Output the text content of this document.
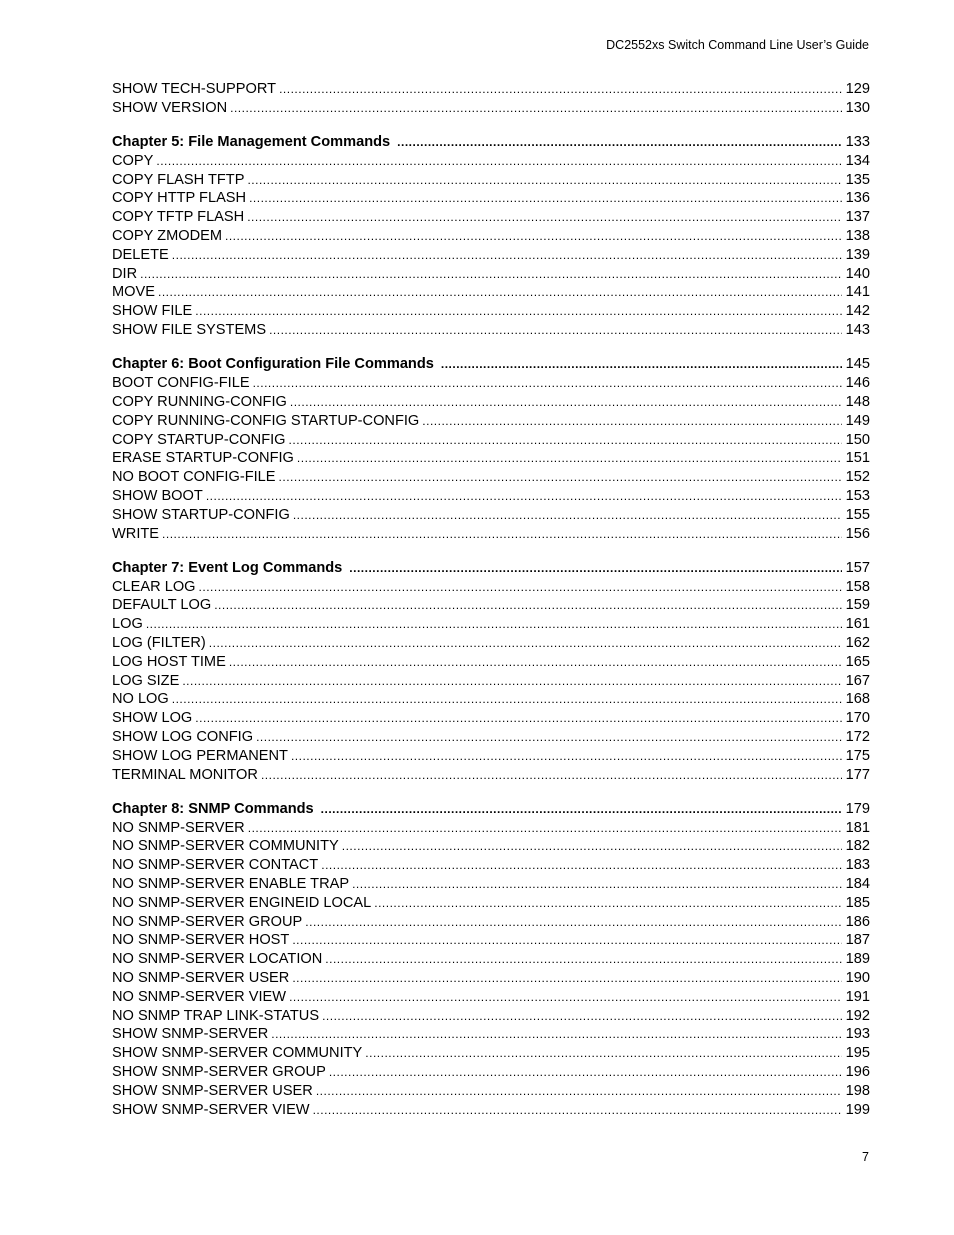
DC2552xs Switch Command Line User’s Guide
SHOW TECH-SUPPORT .....	129
SHOW VERSION .....	130
Chapter 5: File Management Commands .....	133
COPY .....	134
COPY FLASH TFTP .....	135
COPY HTTP FLASH .....	136
COPY TFTP FLASH .....	137
COPY ZMODEM .....	138
DELETE .....	139
DIR .....	140
MOVE .....	141
SHOW FILE .....	142
SHOW FILE SYSTEMS .....	143
Chapter 6: Boot Configuration File Commands .....	145
BOOT CONFIG-FILE .....	146
COPY RUNNING-CONFIG .....	148
COPY RUNNING-CONFIG STARTUP-CONFIG .....	149
COPY STARTUP-CONFIG .....	150
ERASE STARTUP-CONFIG .....	151
NO BOOT CONFIG-FILE .....	152
SHOW BOOT .....	153
SHOW STARTUP-CONFIG .....	155
WRITE .....	156
Chapter 7: Event Log Commands .....	157
CLEAR LOG .....	158
DEFAULT LOG .....	159
LOG .....	161
LOG (FILTER) .....	162
LOG HOST TIME .....	165
LOG SIZE .....	167
NO LOG .....	168
SHOW LOG .....	170
SHOW LOG CONFIG .....	172
SHOW LOG PERMANENT .....	175
TERMINAL MONITOR .....	177
Chapter 8: SNMP Commands .....	179
NO SNMP-SERVER .....	181
NO SNMP-SERVER COMMUNITY .....	182
NO SNMP-SERVER CONTACT .....	183
NO SNMP-SERVER ENABLE TRAP .....	184
NO SNMP-SERVER ENGINEID LOCAL .....	185
NO SNMP-SERVER GROUP .....	186
NO SNMP-SERVER HOST .....	187
NO SNMP-SERVER LOCATION .....	189
NO SNMP-SERVER USER .....	190
NO SNMP-SERVER VIEW .....	191
NO SNMP TRAP LINK-STATUS .....	192
SHOW SNMP-SERVER .....	193
SHOW SNMP-SERVER COMMUNITY .....	195
SHOW SNMP-SERVER GROUP .....	196
SHOW SNMP-SERVER USER .....	198
SHOW SNMP-SERVER VIEW .....	199
7
